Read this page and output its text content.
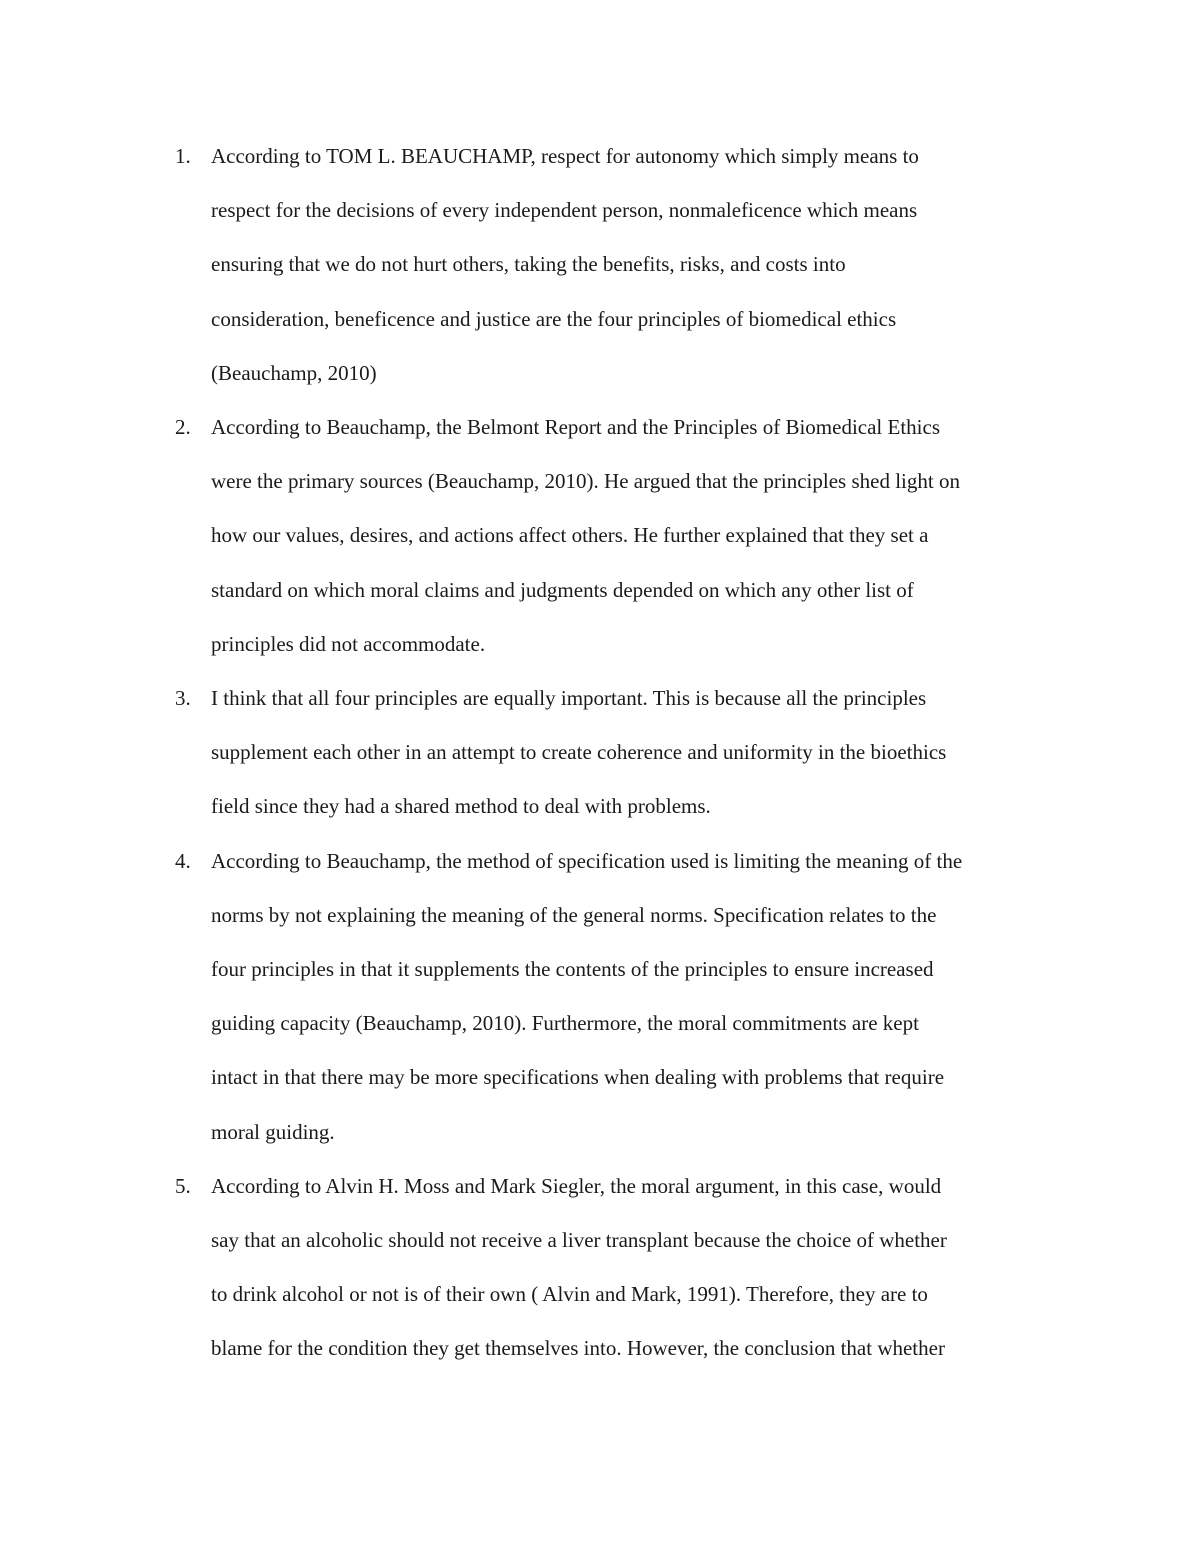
1. According to TOM L. BEAUCHAMP, respect for autonomy which simply means to
respect for the decisions of every independent person, nonmaleficence which means
ensuring that we do not hurt others, taking the benefits, risks, and costs into
consideration, beneficence and justice are the four principles of biomedical ethics
(Beauchamp, 2010)
2. According to Beauchamp, the Belmont Report and the Principles of Biomedical Ethics
were the primary sources (Beauchamp, 2010). He argued that the principles shed light on
how our values, desires, and actions affect others. He further explained that they set a
standard on which moral claims and judgments depended on which any other list of
principles did not accommodate.
3. I think that all four principles are equally important. This is because all the principles
supplement each other in an attempt to create coherence and uniformity in the bioethics
field since they had a shared method to deal with problems.
4. According to Beauchamp, the method of specification used is limiting the meaning of the
norms by not explaining the meaning of the general norms. Specification relates to the
four principles in that it supplements the contents of the principles to ensure increased
guiding capacity (Beauchamp, 2010). Furthermore, the moral commitments are kept
intact in that there may be more specifications when dealing with problems that require
moral guiding.
5. According to Alvin H. Moss and Mark Siegler, the moral argument, in this case, would
say that an alcoholic should not receive a liver transplant because the choice of whether
to drink alcohol or not is of their own ( Alvin and Mark, 1991). Therefore, they are to
blame for the condition they get themselves into. However, the conclusion that whether
